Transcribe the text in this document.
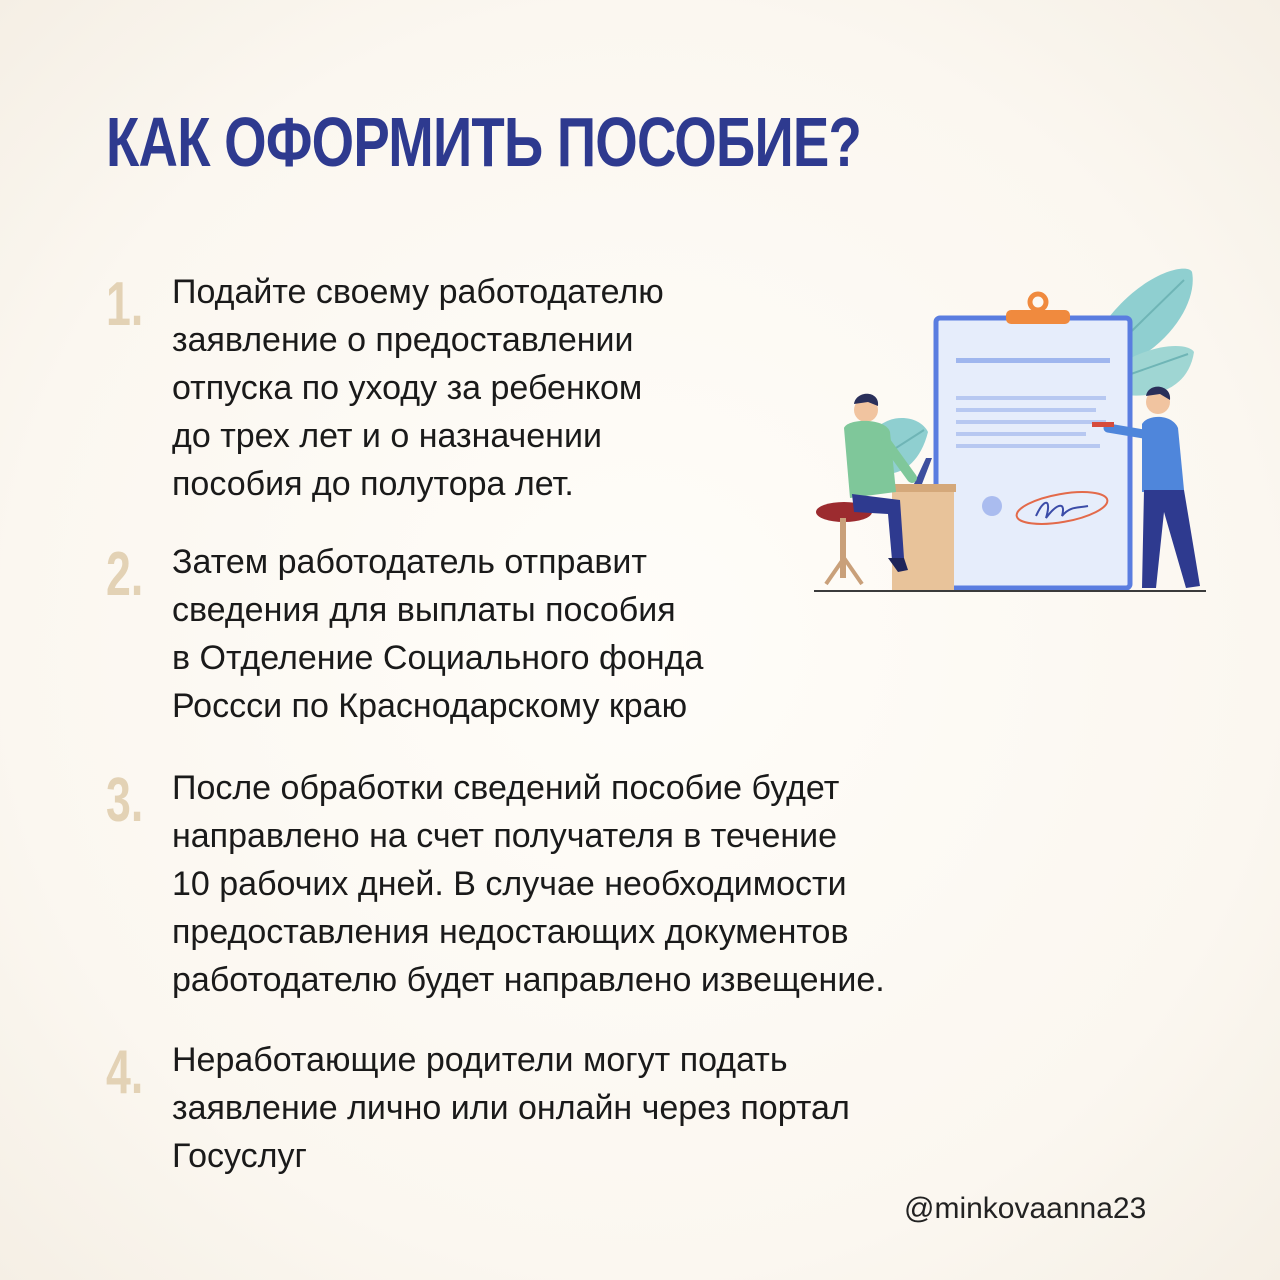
КАК ОФОРМИТЬ ПОСОБИЕ?
1. Подайте своему работодателю
заявление о предоставлении
отпуска по уходу за ребенком
до трех лет и о назначении
пособия до полутора лет.
2. Затем работодатель отправит
сведения для выплаты пособия
в Отделение Социального фонда
Россси по Краснодарскому краю
3. После обработки сведений пособие будет
направлено на счет получателя в течение
10 рабочих дней. В случае необходимости
предоставления недостающих документов
работодателю будет направлено извещение.
4. Неработающие родители могут подать
заявление лично или онлайн через портал
Госуслуг
@minkovaanna23
